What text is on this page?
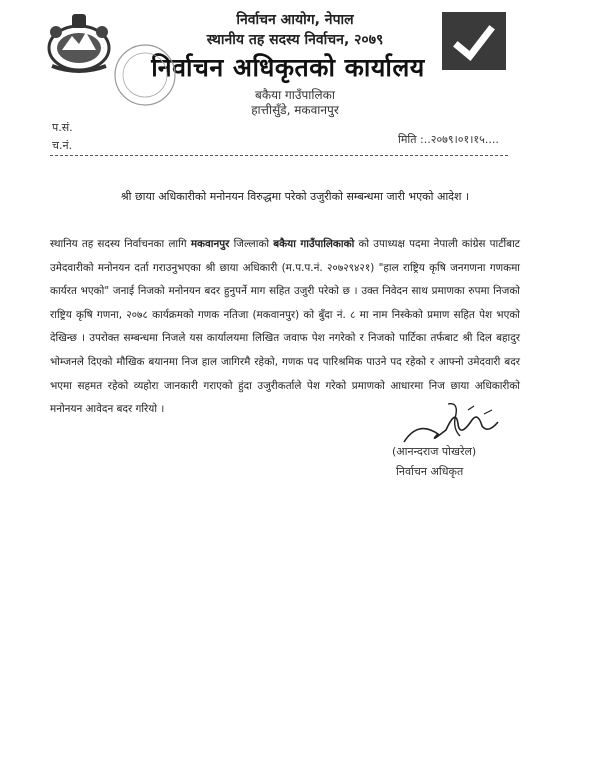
निर्वाचन आयोग, नेपाल
स्थानीय तह सदस्य निर्वाचन, २०७९
निर्वाचन अधिकृतको कार्यालय
बकैया गाउँपालिका
हात्तीसुँडे, मकवानपुर
प.सं.
च.नं.	मिति :..२०७९।०१।१५....
श्री छाया अधिकारीको मनोनयन विरुद्धमा परेको उजुरीको सम्बन्धमा जारी भएको आदेश ।
स्थानिय तह सदस्य निर्वाचनका लागि मकवानपुर जिल्लाको बकैया गाउँपालिकाको को उपाध्यक्ष पदमा नेपाली कांग्रेस पार्टीबाट उमेदवारीको मनोनयन दर्ता गराउनुभएका श्री छाया अधिकारी (म.प.प.नं. २०७२९४२१) "हाल राष्ट्रिय कृषि जनगणना गणकमा कार्यरत भएको" जनाई निजको मनोनयन बदर हुनुपर्ने माग सहित उजुरी परेको छ । उक्त निवेदन साथ प्रमाणका रुपमा निजको राष्ट्रिय कृषि गणना, २०७८ कार्यक्रमको गणक नतिजा (मकवानपुर) को बुँदा नं. ८ मा नाम निस्केको प्रमाण सहित पेश भएको देखिन्छ । उपरोक्त सम्बन्धमा निजले यस कार्यालयमा लिखित जवाफ पेश नगरेको र निजको पार्टिका तर्फबाट श्री दिल बहादुर भोम्जनले दिएको मौखिक बयानमा निज हाल जागिरमै रहेको, गणक पद पारिश्रमिक पाउने पद रहेको र आफ्नो उमेदवारी बदर भएमा सहमत रहेको व्यहोरा जानकारी गराएको हुंदा उजुरीकर्ताले पेश गरेको प्रमाणको आधारमा निज छाया अधिकारीको मनोनयन आवेदन बदर गरियो ।
(आनन्दराज पोखरेल)
निर्वाचन अधिकृत
